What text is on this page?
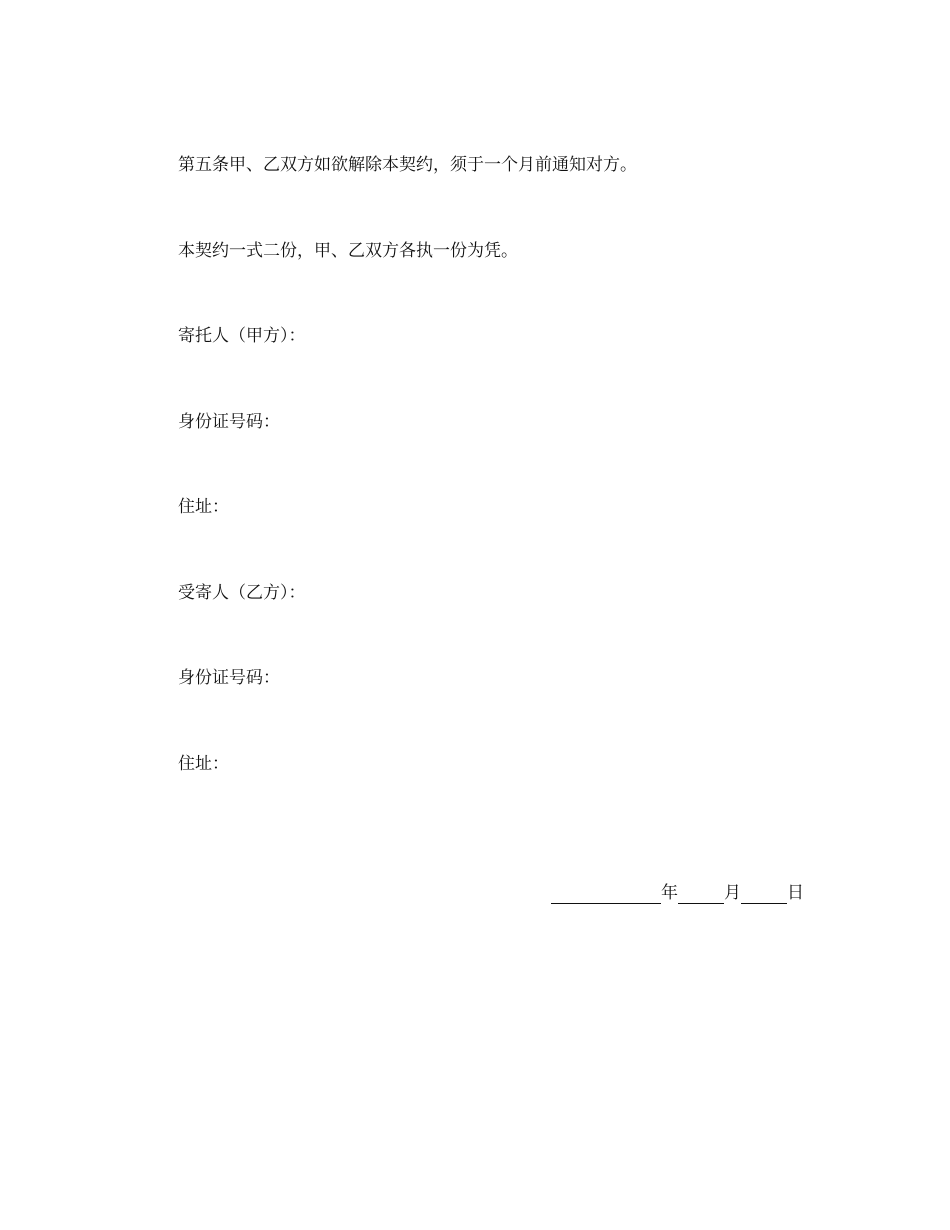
第五条甲、乙双方如欲解除本契约，须于一个月前通知对方。
本契约一式二份，甲、乙双方各执一份为凭。
寄托人（甲方）：
身份证号码：
住址：
受寄人（乙方）：
身份证号码：
住址：
年	月	日
